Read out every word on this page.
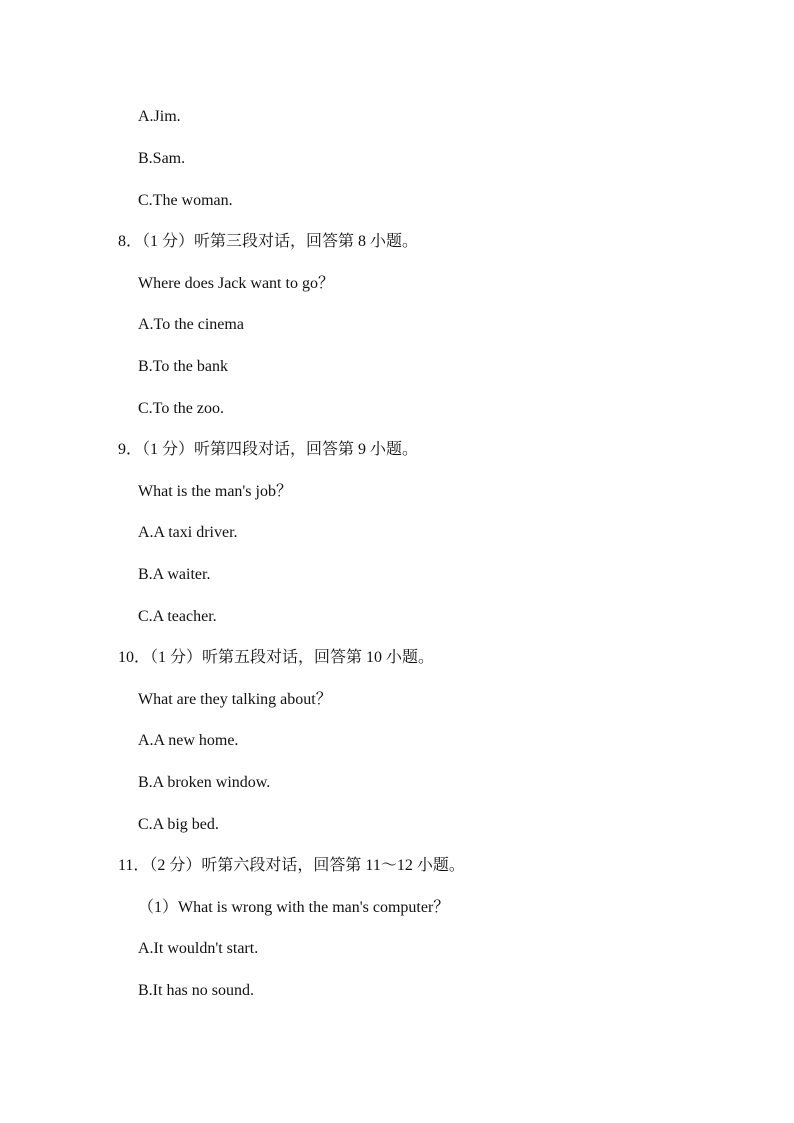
A.Jim.
B.Sam.
C.The woman.
8．（1 分）听第三段对话，回答第 8 小题。
Where does Jack want to go？
A.To the cinema
B.To the bank
C.To the zoo.
9．（1 分）听第四段对话，回答第 9 小题。
What is the man's job？
A.A taxi driver.
B.A waiter.
C.A teacher.
10．（1 分）听第五段对话，回答第 10 小题。
What are they talking about？
A.A new home.
B.A broken window.
C.A big bed.
11．（2 分）听第六段对话，回答第 11～12 小题。
（1）What is wrong with the man's computer？
A.It wouldn't start.
B.It has no sound.
